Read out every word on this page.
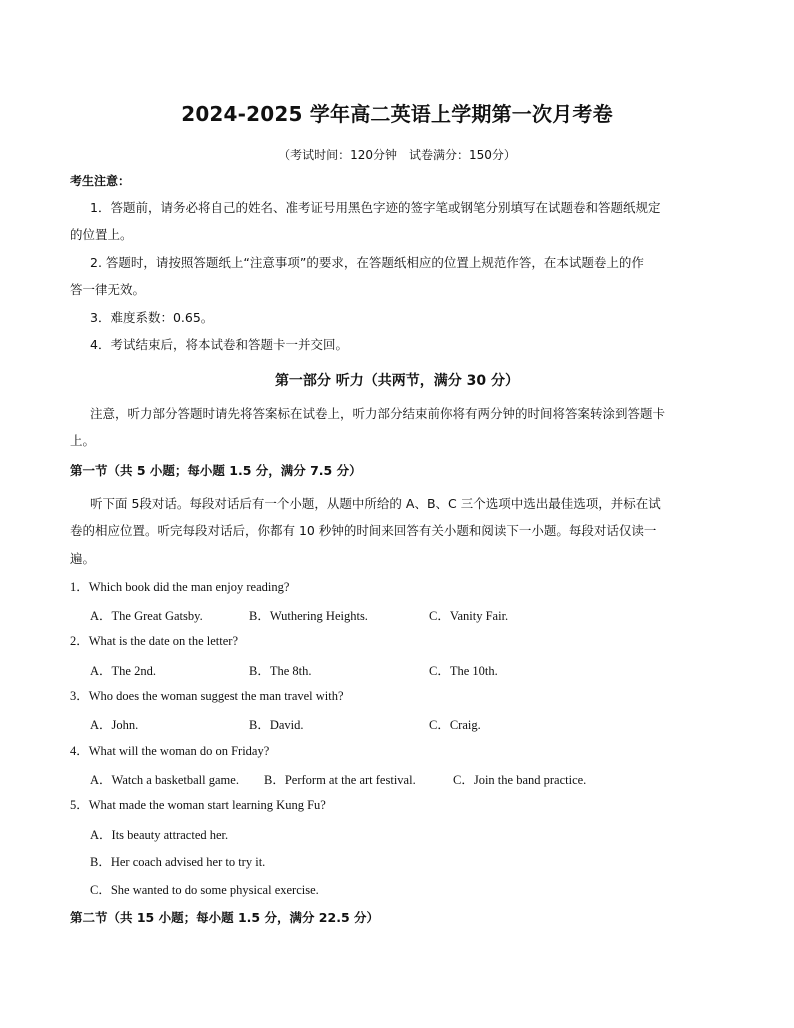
2024-2025 学年高二英语上学期第一次月考卷
（考试时间：120分钟　试卷满分：150分）
考生注意：
1．答题前，请务必将自己的姓名、准考证号用黑色字迹的签字笔或钢笔分别填写在试题卷和答题纸规定
的位置上。
2. 答题时，请按照答题纸上“注意事项”的要求，在答题纸相应的位置上规范作答，在本试题卷上的作
答一律无效。
3．难度系数：0.65。
4．考试结束后，将本试卷和答题卡一并交回。
第一部分 听力（共两节，满分 30 分）
注意，听力部分答题时请先将答案标在试卷上，听力部分结束前你将有两分钟的时间将答案转涂到答题卡
上。
第一节（共 5 小题；每小题 1.5 分，满分 7.5 分）
听下面 5段对话。每段对话后有一个小题，从题中所给的 A、B、C 三个选项中选出最佳选项，并标在试
卷的相应位置。听完每段对话后，你都有 10 秒钟的时间来回答有关小题和阅读下一小题。每段对话仅读一
遍。
1．Which book did the man enjoy reading?
A．The Great Gatsby.	B．Wuthering Heights.	C．Vanity Fair.
2．What is the date on the letter?
A．The 2nd.	B．The 8th.	C．The 10th.
3．Who does the woman suggest the man travel with?
A．John.	B．David.	C．Craig.
4．What will the woman do on Friday?
A．Watch a basketball game. B．Perform at the art festival.	C．Join the band practice.
5．What made the woman start learning Kung Fu?
A．Its beauty attracted her.
B．Her coach advised her to try it.
C．She wanted to do some physical exercise.
第二节（共 15 小题；每小题 1.5 分，满分 22.5 分）
